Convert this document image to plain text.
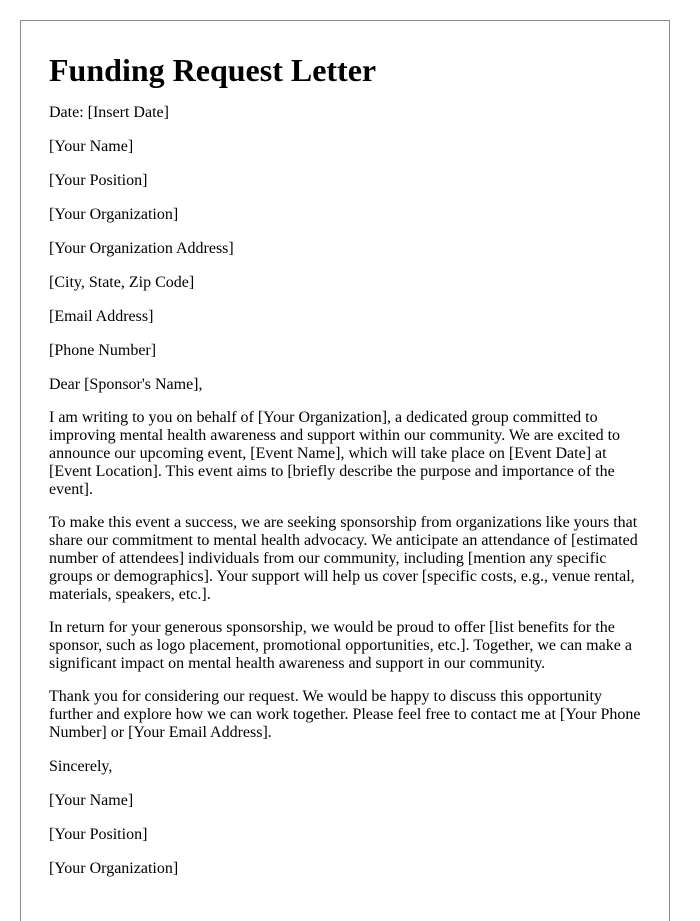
Funding Request Letter

Date: [Insert Date]

[Your Name]

[Your Position]

[Your Organization]

[Your Organization Address]

[City, State, Zip Code]

[Email Address]

[Phone Number]

Dear [Sponsor's Name],

I am writing to you on behalf of [Your Organization], a dedicated group committed to improving mental health awareness and support within our community. We are excited to announce our upcoming event, [Event Name], which will take place on [Event Date] at [Event Location]. This event aims to [briefly describe the purpose and importance of the event].

To make this event a success, we are seeking sponsorship from organizations like yours that share our commitment to mental health advocacy. We anticipate an attendance of [estimated number of attendees] individuals from our community, including [mention any specific groups or demographics]. Your support will help us cover [specific costs, e.g., venue rental, materials, speakers, etc.].

In return for your generous sponsorship, we would be proud to offer [list benefits for the sponsor, such as logo placement, promotional opportunities, etc.]. Together, we can make a significant impact on mental health awareness and support in our community.

Thank you for considering our request. We would be happy to discuss this opportunity further and explore how we can work together. Please feel free to contact me at [Your Phone Number] or [Your Email Address].

Sincerely,

[Your Name]

[Your Position]

[Your Organization]
